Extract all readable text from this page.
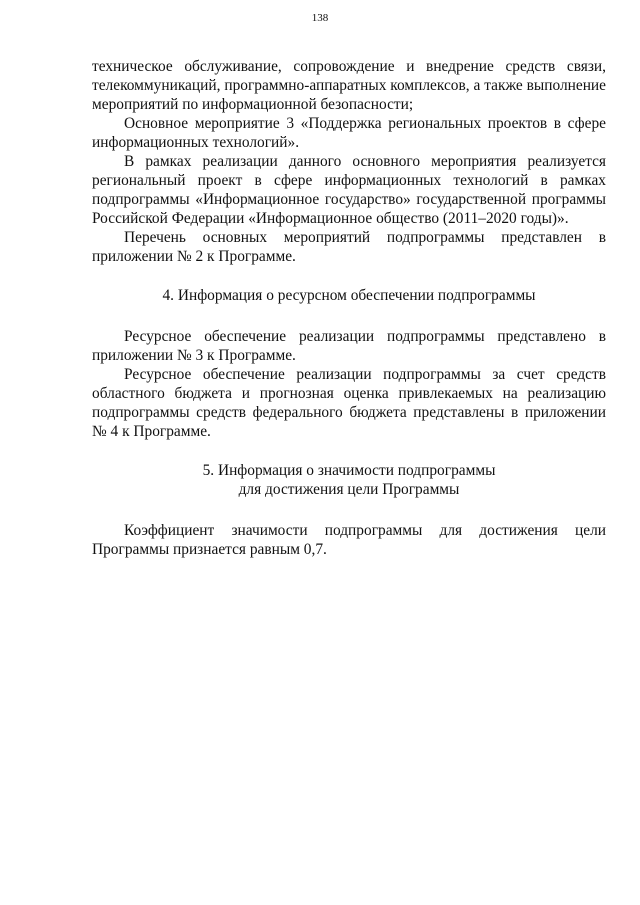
138

техническое обслуживание, сопровождение и внедрение средств связи, телекоммуникаций, программно-аппаратных комплексов, а также выполнение мероприятий по информационной безопасности;

Основное мероприятие 3 «Поддержка региональных проектов в сфере информационных технологий».

В рамках реализации данного основного мероприятия реализуется региональный проект в сфере информационных технологий в рамках подпрограммы «Информационное государство» государственной программы Российской Федерации «Информационное общество (2011–2020 годы)».

Перечень основных мероприятий подпрограммы представлен в приложении № 2 к Программе.

4. Информация о ресурсном обеспечении подпрограммы

Ресурсное обеспечение реализации подпрограммы представлено в приложении № 3 к Программе.

Ресурсное обеспечение реализации подпрограммы за счет средств областного бюджета и прогнозная оценка привлекаемых на реализацию подпрограммы средств федерального бюджета представлены в приложении № 4 к Программе.

5. Информация о значимости подпрограммы

для достижения цели Программы

Коэффициент значимости подпрограммы для достижения цели Программы признается равным 0,7.
